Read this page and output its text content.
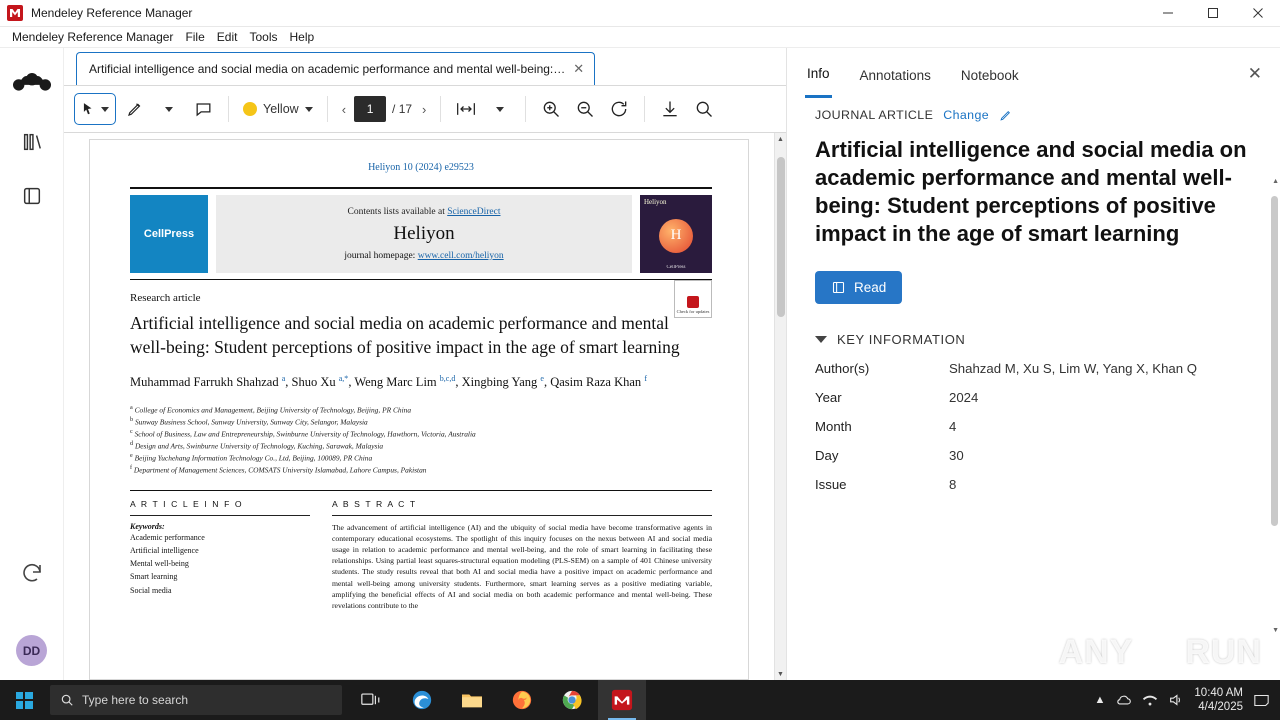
Mendeley Reference Manager
Mendeley Reference Manager	File	Edit	Tools	Help
DD
Artificial intelligence and social media on academic performance and mental well-being:… ✕
Yellow	‹	1	/ 17 ›
Heliyon 10 (2024) e29523
CellPress
Contents lists available at ScienceDirect
Heliyon
journal homepage: www.cell.com/heliyon
Heliyon
H
CellPress
Check for updates
Research article
Artificial intelligence and social media on academic performance and mental well-being: Student perceptions of positive impact in the age of smart learning
Muhammad Farrukh Shahzad $^a$, Shuo Xu $^{a,*}$, Weng Marc Lim $^{b,c,d}$, Xingbing Yang $^e$, Qasim Raza Khan $^f$
$^a$ College of Economics and Management, Beijing University of Technology, Beijing, PR China
$^b$ Sunway Business School, Sunway University, Sunway City, Selangor, Malaysia
$^c$ School of Business, Law and Entrepreneurship, Swinburne University of Technology, Hawthorn, Victoria, Australia
$^d$ Design and Arts, Swinburne University of Technology, Kuching, Sarawak, Malaysia
$^e$ Beijing Yuchehang Information Technology Co., Ltd, Beijing, 100089, PR China
$^f$ Department of Management Sciences, COMSATS University Islamabad, Lahore Campus, Pakistan
A R T I C L E I N F O
Keywords:
Academic performance
Artificial intelligence
Mental well-being
Smart learning
Social media
A B S T R A C T
The advancement of artificial intelligence (AI) and the ubiquity of social media have become transformative agents in contemporary educational ecosystems. The spotlight of this inquiry focuses on the nexus between AI and social media usage in relation to academic performance and mental well-being, and the role of smart learning in facilitating these relationships. Using partial least squares-structural equation modeling (PLS-SEM) on a sample of 401 Chinese university students. The study results reveal that both AI and social media have a positive impact on academic performance and mental well-being among university students. Furthermore, smart learning serves as a positive mediating variable, amplifying the beneficial effects of AI and social media on both academic performance and mental well-being. These revelations contribute to the
▲
▼
Info Annotations Notebook	✕
JOURNAL ARTICLE Change
Artificial intelligence and social media on academic performance and mental well-being: Student perceptions of positive impact in the age of smart learning
Read
KEY INFORMATION
Author(s)	Shahzad M, Xu S, Lim W, Yang X, Khan Q
Year	2024
Month	4
Day	30
Issue	8
▲
▼
ANY RUN
Type here to search	▲
10:40 AM
4/4/2025
